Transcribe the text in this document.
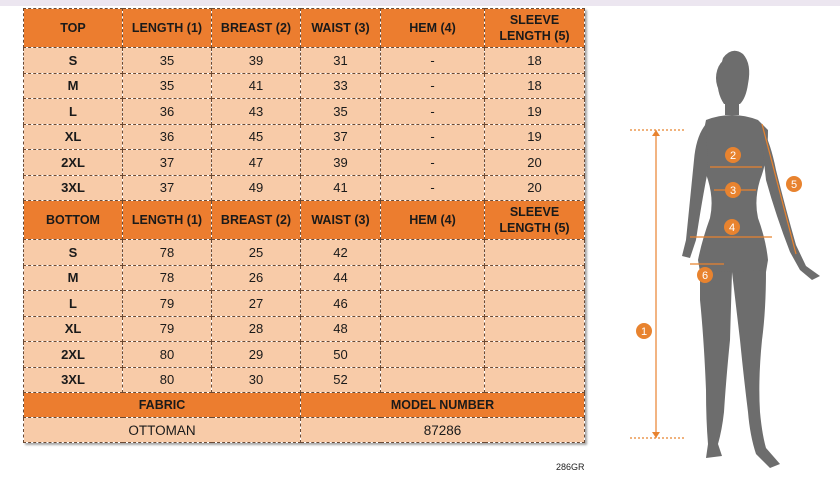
TOP	LENGTH (1)	BREAST (2)	WAIST (3)	HEM (4)	SLEEVE LENGTH (5)
S	35	39	31	-	18
M	35	41	33	-	18
L	36	43	35	-	19
XL	36	45	37	-	19
2XL	37	47	39	-	20
3XL	37	49	41	-	20
BOTTOM	LENGTH (1)	BREAST (2)	WAIST (3)	HEM (4)	SLEEVE LENGTH (5)
S	78	25	42		
M	78	26	44		
L	79	27	46		
XL	79	28	48		
2XL	80	29	50		
3XL	80	30	52		
FABRIC			MODEL NUMBER		
OTTOMAN			87286		
286GR
1
2
3
4
5
6
